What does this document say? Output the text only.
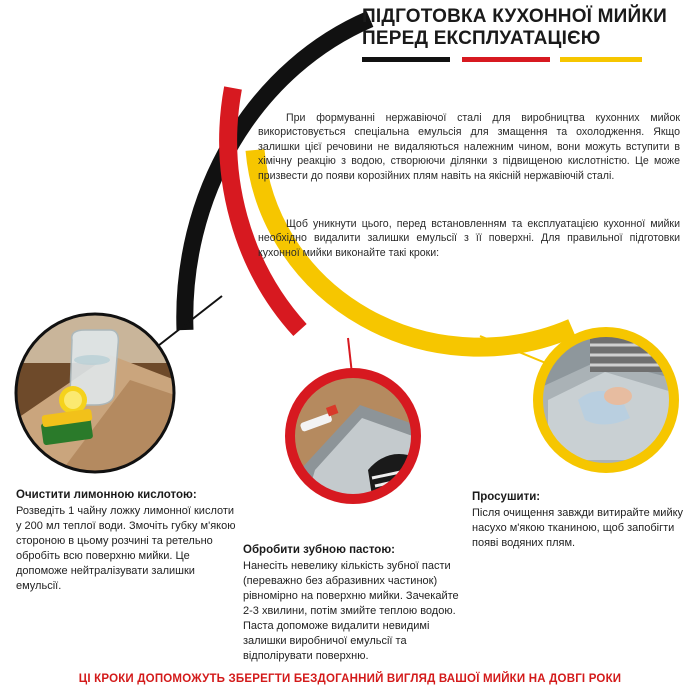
ПІДГОТОВКА КУХОННОЇ МИЙКИ
ПЕРЕД ЕКСПЛУАТАЦІЄЮ

При формуванні нержавіючої сталі для виробництва кухонних мийок використовується спеціальна емульсія для змащення та охолодження. Якщо залишки цієї речовини не видаляються належним чином, вони можуть вступити в хімічну реакцію з водою, створюючи ділянки з підвищеною кислотністю. Це може призвести до появи корозійних плям навіть на якісній нержавіючій сталі.

Щоб уникнути цього, перед встановленням та експлуатацією кухонної мийки необхідно видалити залишки емульсії з її поверхні. Для правильної підготовки кухонної мийки виконайте такі кроки:

Очистити лимонною кислотою:
Розведіть 1 чайну ложку лимонної кислоти у 200 мл теплої води. Змочіть губку м'якою стороною в цьому розчині та ретельно обробіть всю поверхню мийки. Це допоможе нейтралізувати залишки емульсії.
Обробити зубною пастою:
Нанесіть невелику кількість зубної пасти (переважно без абразивних частинок) рівномірно на поверхню мийки. Зачекайте 2-3 хвилини, потім змийте теплою водою. Паста допоможе видалити невидимі залишки виробничої емульсії та відполірувати поверхню.
Просушити:
Після очищення завжди витирайте мийку насухо м'якою тканиною, щоб запобігти появі водяних плям.
ЦІ КРОКИ ДОПОМОЖУТЬ ЗБЕРЕГТИ БЕЗДОГАННИЙ ВИГЛЯД ВАШОЇ МИЙКИ НА ДОВГІ РОКИ
